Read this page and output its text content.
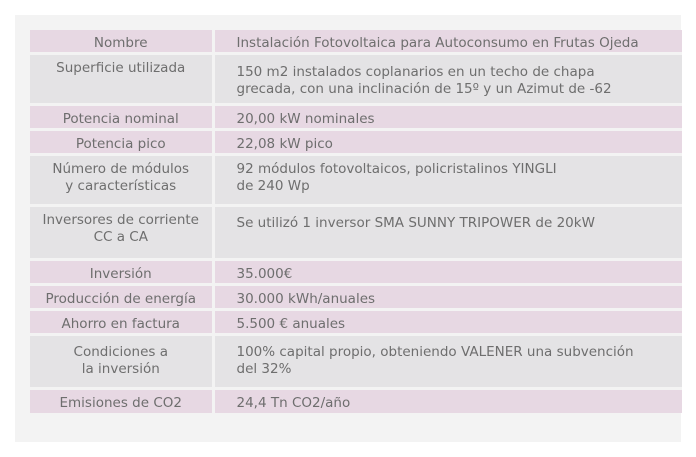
Nombre	Instalación Fotovoltaica para Autoconsumo en Frutas Ojeda
Superficie utilizada	150 m2 instalados coplanarios en un techo de chapa
grecada, con una inclinación de 15º y un Azimut de -62
Potencia nominal	20,00 kW nominales
Potencia pico	22,08 kW pico
Número de módulos
y características	92 módulos fotovoltaicos, policristalinos YINGLI
de 240 Wp
Inversores de corriente
CC a CA	Se utilizó 1 inversor SMA SUNNY TRIPOWER de 20kW
Inversión	35.000€
Producción de energía	30.000 kWh/anuales
Ahorro en factura	5.500 € anuales
Condiciones a
la inversión	100% capital propio, obteniendo VALENER una subvención
del 32%
Emisiones de CO2	24,4 Tn CO2/año
